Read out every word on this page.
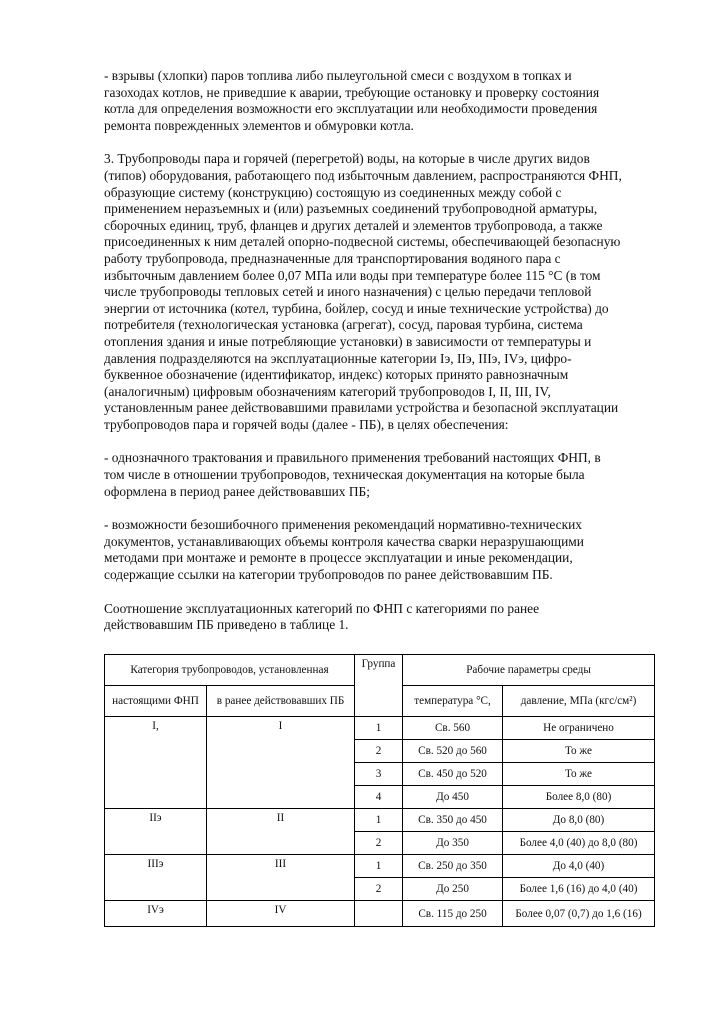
- взрывы (хлопки) паров топлива либо пылеугольной смеси с воздухом в топках и
газоходах котлов, не приведшие к аварии, требующие остановку и проверку состояния
котла для определения возможности его эксплуатации или необходимости проведения
ремонта поврежденных элементов и обмуровки котла.

3. Трубопроводы пара и горячей (перегретой) воды, на которые в числе других видов
(типов) оборудования, работающего под избыточным давлением, распространяются ФНП,
образующие систему (конструкцию) состоящую из соединенных между собой с
применением неразъемных и (или) разъемных соединений трубопроводной арматуры,
сборочных единиц, труб, фланцев и других деталей и элементов трубопровода, а также
присоединенных к ним деталей опорно-подвесной системы, обеспечивающей безопасную
работу трубопровода, предназначенные для транспортирования водяного пара с
избыточным давлением более 0,07 МПа или воды при температуре более 115 °С (в том
числе трубопроводы тепловых сетей и иного назначения) с целью передачи тепловой
энергии от источника (котел, турбина, бойлер, сосуд и иные технические устройства) до
потребителя (технологическая установка (агрегат), сосуд, паровая турбина, система
отопления здания и иные потребляющие установки) в зависимости от температуры и
давления подразделяются на эксплуатационные категории Iэ, IIэ, IIIэ, IVэ, цифро-
буквенное обозначение (идентификатор, индекс) которых принято равнозначным
(аналогичным) цифровым обозначениям категорий трубопроводов I, II, III, IV,
установленным ранее действовавшими правилами устройства и безопасной эксплуатации
трубопроводов пара и горячей воды (далее - ПБ), в целях обеспечения:

- однозначного трактования и правильного применения требований настоящих ФНП, в
том числе в отношении трубопроводов, техническая документация на которые была
оформлена в период ранее действовавших ПБ;

- возможности безошибочного применения рекомендаций нормативно-технических
документов, устанавливающих объемы контроля качества сварки неразрушающими
методами при монтаже и ремонте в процессе эксплуатации и иные рекомендации,
содержащие ссылки на категории трубопроводов по ранее действовавшим ПБ.

Соотношение эксплуатационных категорий по ФНП с категориями по ранее
действовавшим ПБ приведено в таблице 1.

Категория трубопроводов, установленная		Группа	Рабочие параметры среды	
настоящими ФНП	в ранее действовавших ПБ		температура °С,	давление, МПа (кгс/см²)
I,	I	1	Св. 560	Не ограничено
		2	Св. 520 до 560	То же
		3	Св. 450 до 520	То же
		4	До 450	Более 8,0 (80)
IIэ	II	1	Св. 350 до 450	До 8,0 (80)
		2	До 350	Более 4,0 (40) до 8,0 (80)
IIIэ	III	1	Св. 250 до 350	До 4,0 (40)
		2	До 250	Более 1,6 (16) до 4,0 (40)
IVэ	IV		Св. 115 до 250	Более 0,07 (0,7) до 1,6 (16)
